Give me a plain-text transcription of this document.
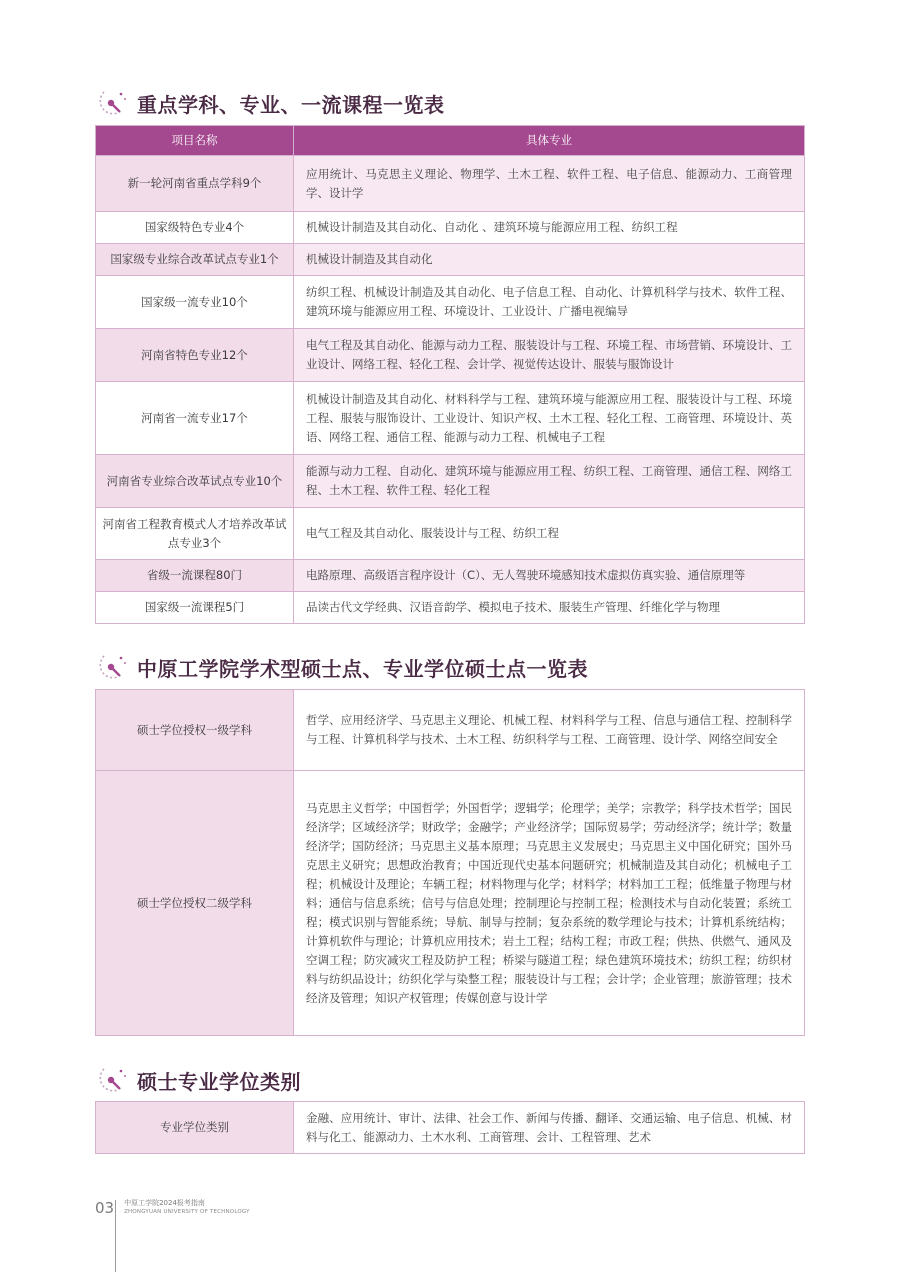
重点学科、专业、一流课程一览表
项目名称	具体专业
新一轮河南省重点学科9个	应用统计、马克思主义理论、物理学、土木工程、软件工程、电子信息、能源动力、工商管理学、设计学
国家级特色专业4个	机械设计制造及其自动化、自动化 、建筑环境与能源应用工程、纺织工程
国家级专业综合改革试点专业1个	机械设计制造及其自动化
国家级一流专业10个	纺织工程、机械设计制造及其自动化、电子信息工程、自动化、计算机科学与技术、软件工程、建筑环境与能源应用工程、环境设计、工业设计、广播电视编导
河南省特色专业12个	电气工程及其自动化、能源与动力工程、服装设计与工程、环境工程、市场营销、环境设计、工业设计、网络工程、轻化工程、会计学、视觉传达设计、服装与服饰设计
河南省一流专业17个	机械设计制造及其自动化、材料科学与工程、建筑环境与能源应用工程、服装设计与工程、环境工程、服装与服饰设计、工业设计、知识产权、土木工程、轻化工程、工商管理、环境设计、英语、网络工程、通信工程、能源与动力工程、机械电子工程
河南省专业综合改革试点专业10个	能源与动力工程、自动化、建筑环境与能源应用工程、纺织工程、工商管理、通信工程、网络工程、土木工程、软件工程、轻化工程
河南省工程教育模式人才培养改革试点专业3个	电气工程及其自动化、服装设计与工程、纺织工程
省级一流课程80门	电路原理、高级语言程序设计（C）、无人驾驶环境感知技术虚拟仿真实验、通信原理等
国家级一流课程5门	品读古代文学经典、汉语音韵学、模拟电子技术、服装生产管理、纤维化学与物理
中原工学院学术型硕士点、专业学位硕士点一览表
硕士学位授权一级学科	哲学、应用经济学、马克思主义理论、机械工程、材料科学与工程、信息与通信工程、控制科学与工程、计算机科学与技术、土木工程、纺织科学与工程、工商管理、设计学、网络空间安全
硕士学位授权二级学科	马克思主义哲学；中国哲学；外国哲学；逻辑学；伦理学；美学；宗教学；科学技术哲学；国民经济学；区域经济学；财政学；金融学；产业经济学；国际贸易学；劳动经济学；统计学；数量经济学；国防经济；马克思主义基本原理；马克思主义发展史；马克思主义中国化研究；国外马克思主义研究；思想政治教育；中国近现代史基本问题研究；机械制造及其自动化；机械电子工程；机械设计及理论；车辆工程；材料物理与化学；材料学；材料加工工程；低维量子物理与材料；通信与信息系统；信号与信息处理；控制理论与控制工程；检测技术与自动化装置；系统工程；模式识别与智能系统；导航、制导与控制；复杂系统的数学理论与技术；计算机系统结构；计算机软件与理论；计算机应用技术；岩土工程；结构工程；市政工程；供热、供燃气、通风及空调工程；防灾减灾工程及防护工程；桥梁与隧道工程；绿色建筑环境技术；纺织工程；纺织材料与纺织品设计；纺织化学与染整工程；服装设计与工程；会计学；企业管理；旅游管理；技术经济及管理；知识产权管理；传媒创意与设计学
硕士专业学位类别
专业学位类别	金融、应用统计、审计、法律、社会工作、新闻与传播、翻译、交通运输、电子信息、机械、材料与化工、能源动力、土木水利、工商管理、会计、工程管理、艺术
03	中原工学院2024报考指南
ZHONGYUAN UNIVERSITY OF TECHNOLOGY
